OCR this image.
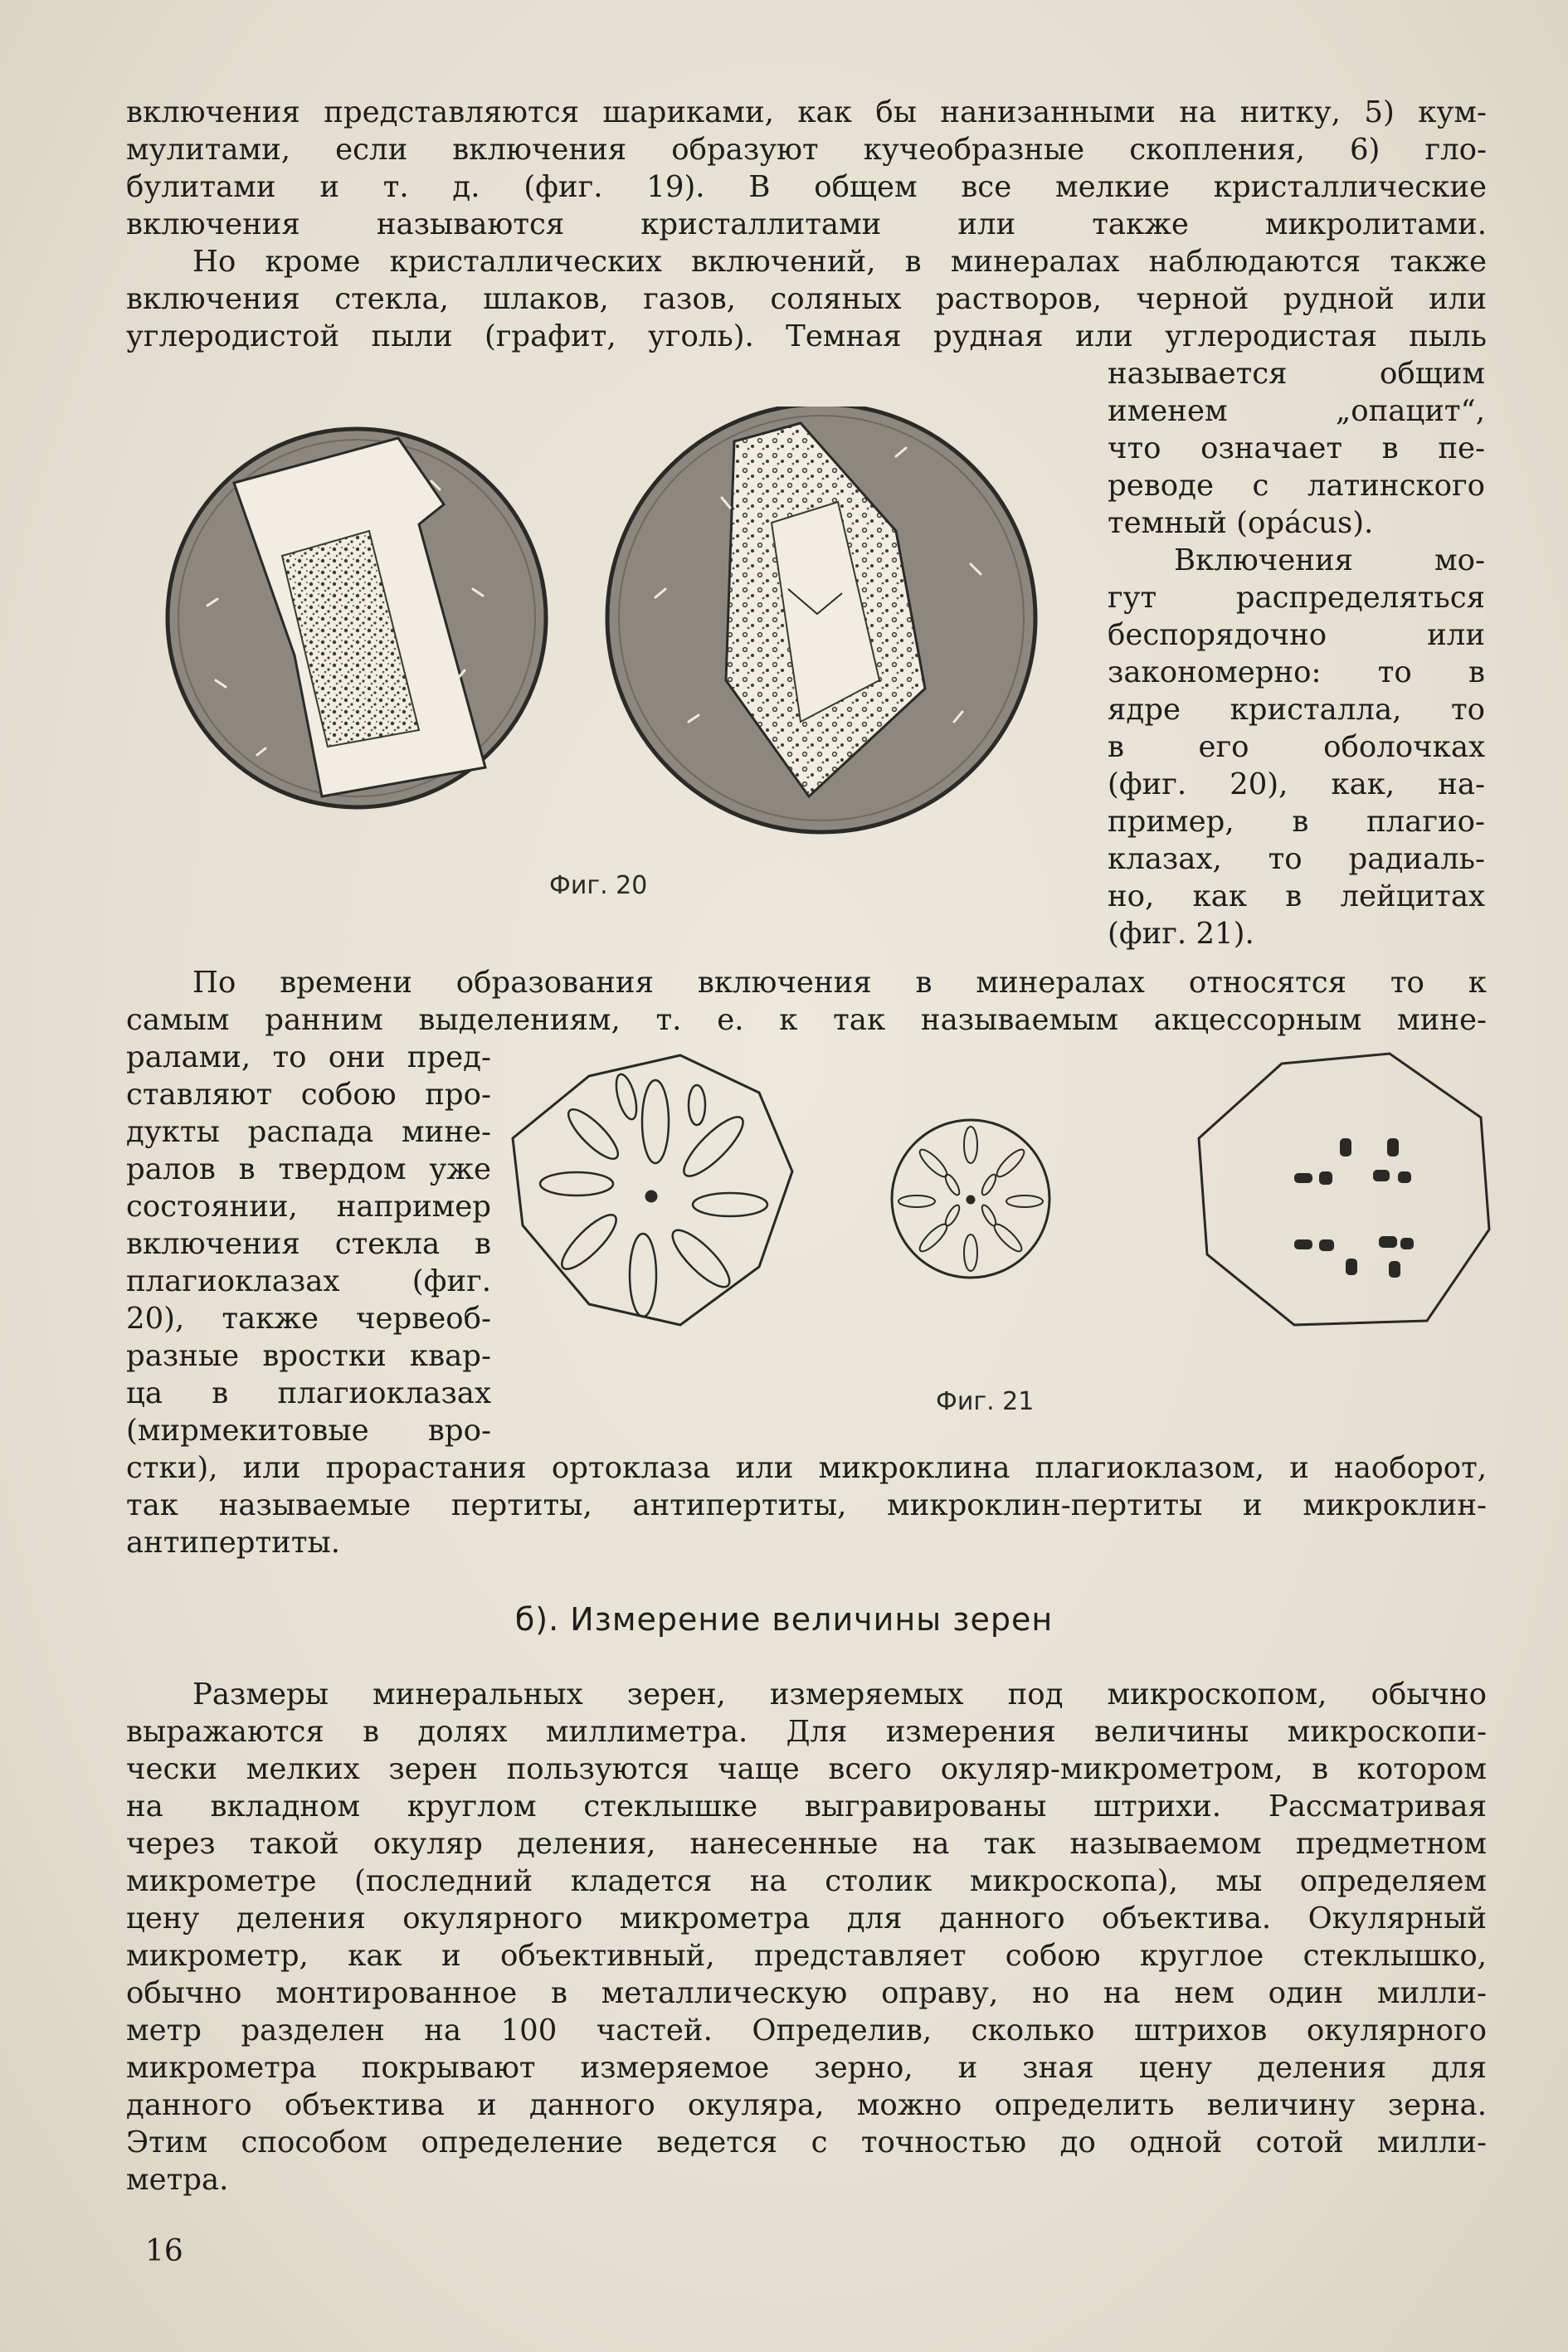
включения представляются шариками, как бы нанизанными на нитку, 5) кум-
мулитами, если включения образуют кучеобразные скопления, 6) гло-
булитами и т. д. (фиг. 19). В общем все мелкие кристаллические
включения называются кристаллитами или также микролитами.
Но кроме кристаллических включений, в минералах наблюдаются также
включения стекла, шлаков, газов, соляных растворов, черной рудной или
углеродистой пыли (графит, уголь). Темная рудная или углеродистая пыль
называется общим
именем „опацит“,
что означает в пе-
реводе с латинского
темный (opácus).
Включения мо-
гут распределяться
беспорядочно или
закономерно: то в
ядре кристалла, то
в его оболочках
(фиг. 20), как, на-
пример, в плагио-
клазах, то радиаль-
но, как в лейцитах
(фиг. 21).
Фиг. 20
По времени образования включения в минералах относятся то к
самым ранним выделениям, т. е. к так называемым акцессорным мине-
ралами, то они пред-
ставляют собою про-
дукты распада мине-
ралов в твердом уже
состоянии, например
включения стекла в
плагиоклазах (фиг.
20), также червеоб-
разные вростки квар-
ца в плагиоклазах
(мирмекитовые вро-
Фиг. 21
стки), или прорастания ортоклаза или микроклина плагиоклазом, и наоборот,
так называемые пертиты, антипертиты, микроклин-пертиты и микроклин-
антипертиты.
б). Измерение величины зерен
Размеры минеральных зерен, измеряемых под микроскопом, обычно
выражаются в долях миллиметра. Для измерения величины микроскопи-
чески мелких зерен пользуются чаще всего окуляр-микрометром, в котором
на вкладном круглом стеклышке выгравированы штрихи. Рассматривая
через такой окуляр деления, нанесенные на так называемом предметном
микрометре (последний кладется на столик микроскопа), мы определяем
цену деления окулярного микрометра для данного объектива. Окулярный
микрометр, как и объективный, представляет собою круглое стеклышко,
обычно монтированное в металлическую оправу, но на нем один милли-
метр разделен на 100 частей. Определив, сколько штрихов окулярного
микрометра покрывают измеряемое зерно, и зная цену деления для
данного объектива и данного окуляра, можно определить величину зерна.
Этим способом определение ведется с точностью до одной сотой милли-
метра.
16
